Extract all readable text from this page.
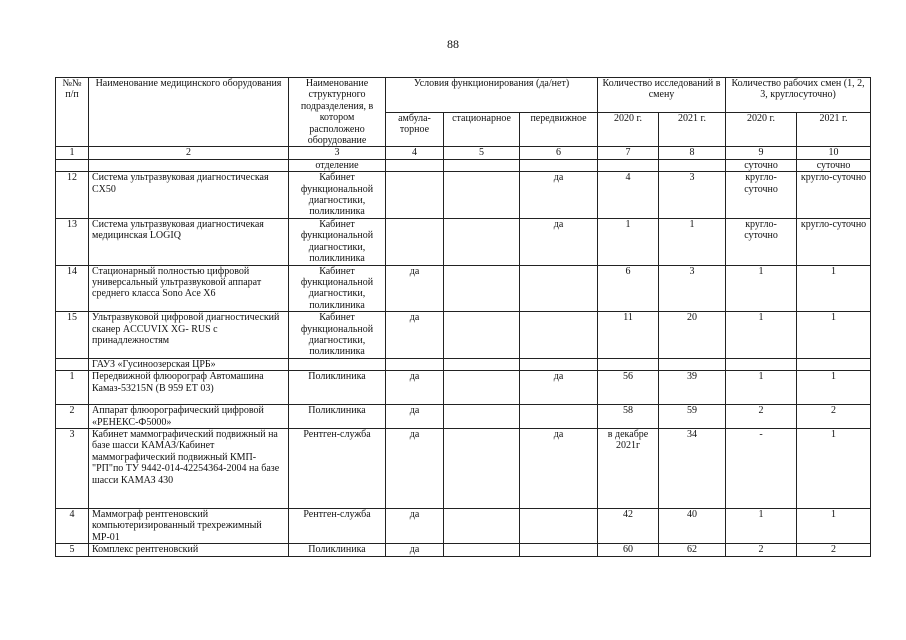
88
№№ п/п	Наименование медицинского оборудования	Наименование структурного подразделения, в котором расположено оборудование	Условия функционирования (да/нет)			Количество исследований в смену		Количество рабочих смен (1, 2, 3, круглосуточно)	
			амбула-торное	стационарное	передвижное	2020 г.	2021 г.	2020 г.	2021 г.
1	2	3	4	5	6	7	8	9	10
		отделение						суточно	суточно
12	Система ультразвуковая диагностическая CX50	Кабинет функциональной диагностики, поликлиника			да	4	3	кругло-суточно	кругло-суточно
13	Система ультразвуковая диагностичекая медицинская LOGIQ	Кабинет функциональной диагностики, поликлиника			да	1	1	кругло-суточно	кругло-суточно
14	Стационарный полностью цифровой универсальный ультразвуковой аппарат среднего класса Sono Ace X6	Кабинет функциональной диагностики, поликлиника	да			6	3	1	1
15	Ультразвуковой цифровой диагностический сканер ACCUVIX XG- RUS с принадлежностям	Кабинет функциональной диагностики, поликлиника	да			11	20	1	1
	ГАУЗ «Гусиноозерская ЦРБ»								
1	Передвижной флюорограф Автомашина Камаз-53215N (В 959 ЕТ 03)	Поликлиника	да		да	56	39	1	1
2	Аппарат флюорографический цифровой «РЕНЕКС-Ф5000»	Поликлиника	да			58	59	2	2
3	Кабинет маммографический подвижный на базе шасси КАМАЗ/Кабинет маммографический подвижный КМП-"РП"по ТУ 9442-014-42254364-2004 на базе шасси КАМАЗ 430	Рентген-служба	да		да	в декабре 2021г	34	-	1
4	Маммограф рентгеновский компьютеризированный трехрежимный МР-01	Рентген-служба	да			42	40	1	1
5	Комплекс рентгеновский	Поликлиника	да			60	62	2	2
